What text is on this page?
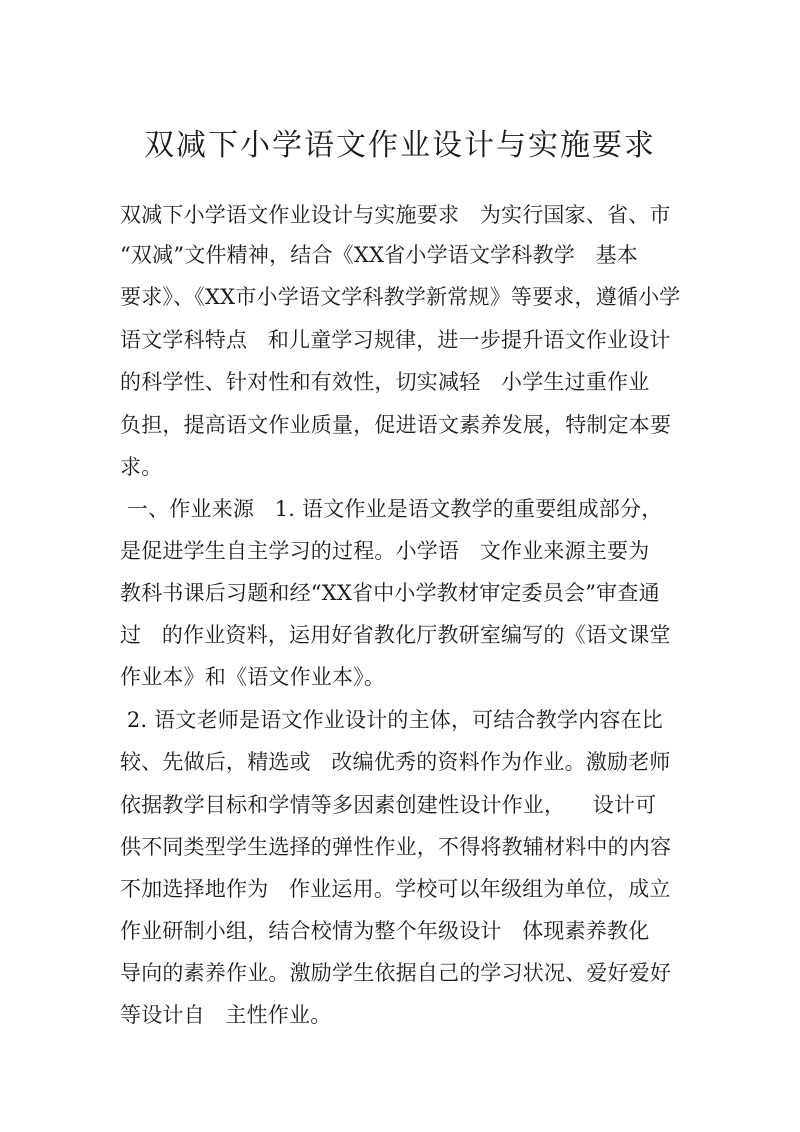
双减下小学语文作业设计与实施要求
双减下小学语文作业设计与实施要求   为实行国家、省、市
“双减”文件精神，结合《XX省小学语文学科教学   基本
要求》、《XX市小学语文学科教学新常规》等要求，遵循小学
语文学科特点   和儿童学习规律，进一步提升语文作业设计
的科学性、针对性和有效性，切实减轻   小学生过重作业
负担，提高语文作业质量，促进语文素养发展，特制定本要
求。
一、作业来源   1. 语文作业是语文教学的重要组成部分，
是促进学生自主学习的过程。小学语   文作业来源主要为
教科书课后习题和经“XX省中小学教材审定委员会”审查通
过   的作业资料，运用好省教化厅教研室编写的《语文课堂
作业本》和《语文作业本》。
2. 语文老师是语文作业设计的主体，可结合教学内容在比
较、先做后，精选或   改编优秀的资料作为作业。激励老师
依据教学目标和学情等多因素创建性设计作业，    设计可
供不同类型学生选择的弹性作业，不得将教辅材料中的内容
不加选择地作为   作业运用。学校可以年级组为单位，成立
作业研制小组，结合校情为整个年级设计   体现素养教化
导向的素养作业。激励学生依据自己的学习状况、爱好爱好
等设计自   主性作业。
